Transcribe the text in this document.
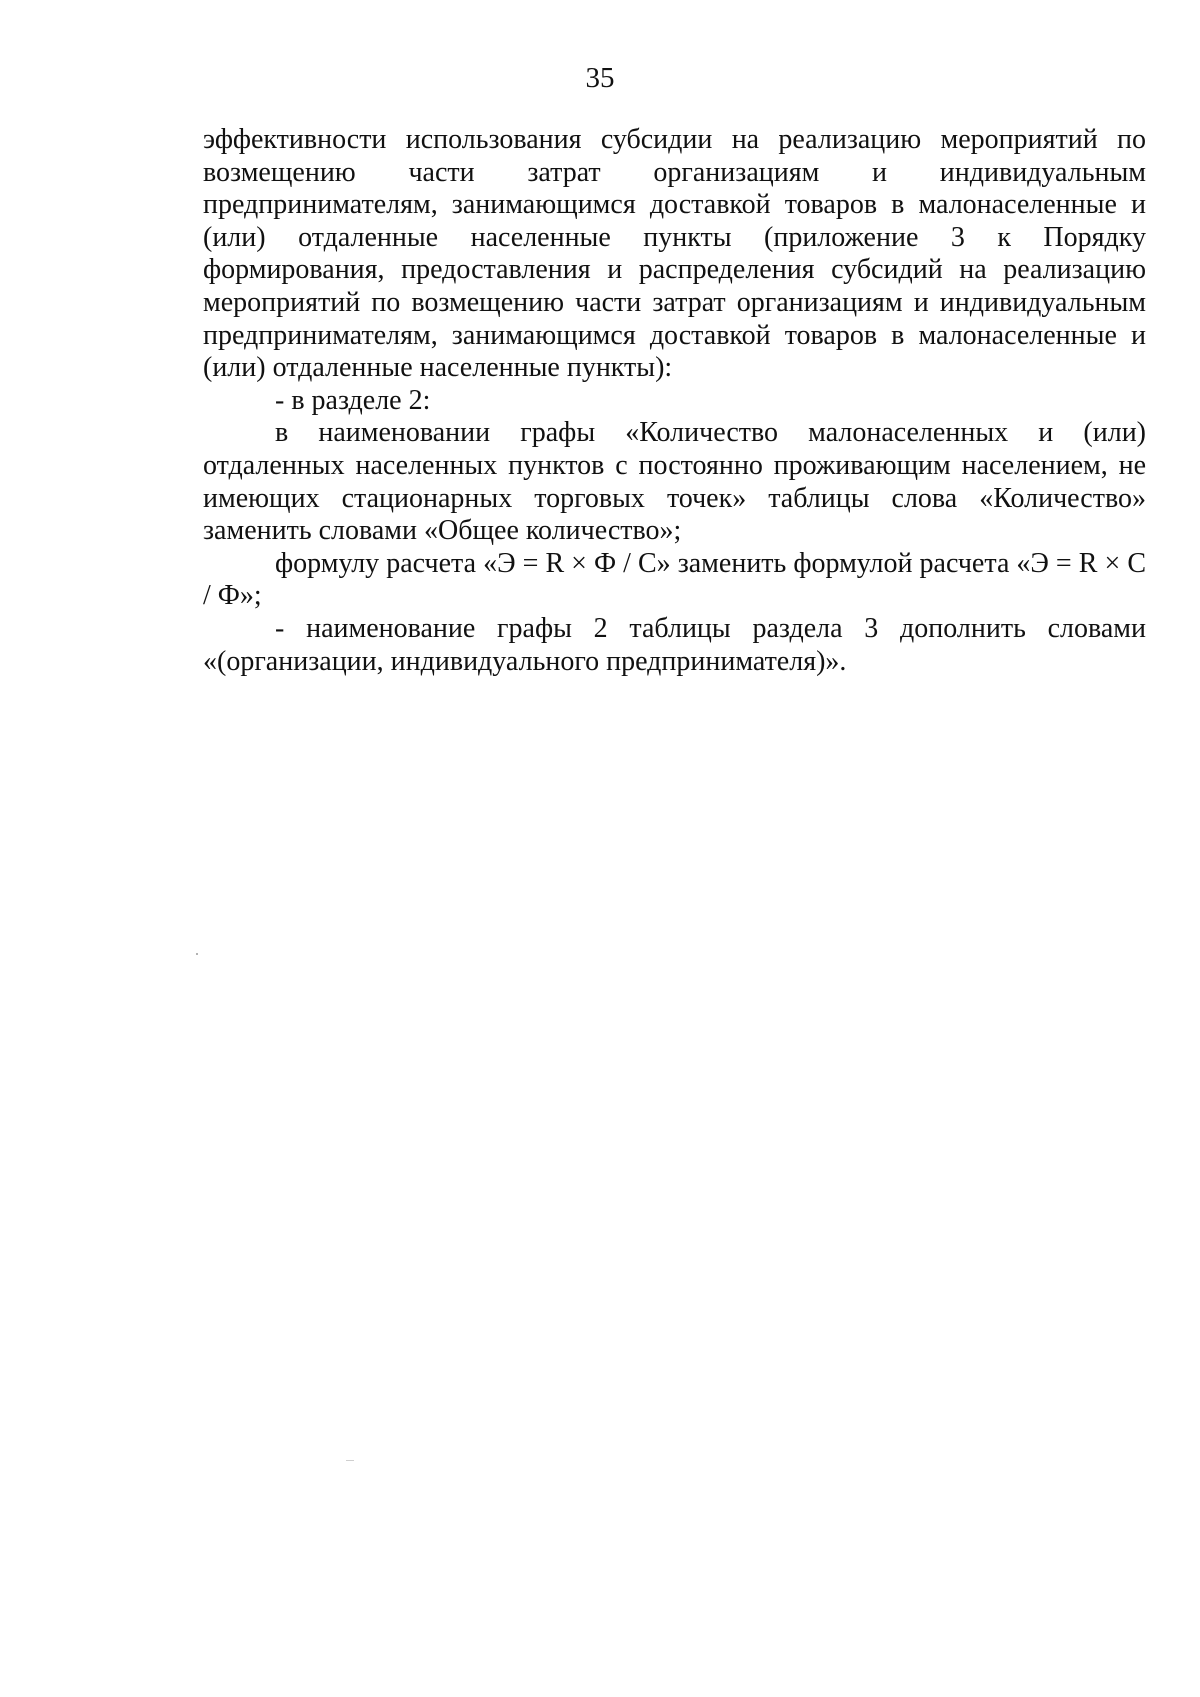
35

эффективности использования субсидии на реализацию мероприятий по возмещению части затрат организациям и индивидуальным предпринимателям, занимающимся доставкой товаров в малонаселенные и (или) отдаленные населенные пункты (приложение 3 к Порядку формирования, предоставления и распределения субсидий на реализацию мероприятий по возмещению части затрат организациям и индивидуальным предпринимателям, занимающимся доставкой товаров в малонаселенные и (или) отдаленные населенные пункты):

- в разделе 2:

в наименовании графы «Количество малонаселенных и (или) отдаленных населенных пунктов с постоянно проживающим населением, не имеющих стационарных торговых точек» таблицы слова «Количество» заменить словами «Общее количество»;

формулу расчета «Э = R × Ф / С» заменить формулой расчета «Э = R × С / Ф»;

- наименование графы 2 таблицы раздела 3 дополнить словами «(организации, индивидуального предпринимателя)».
